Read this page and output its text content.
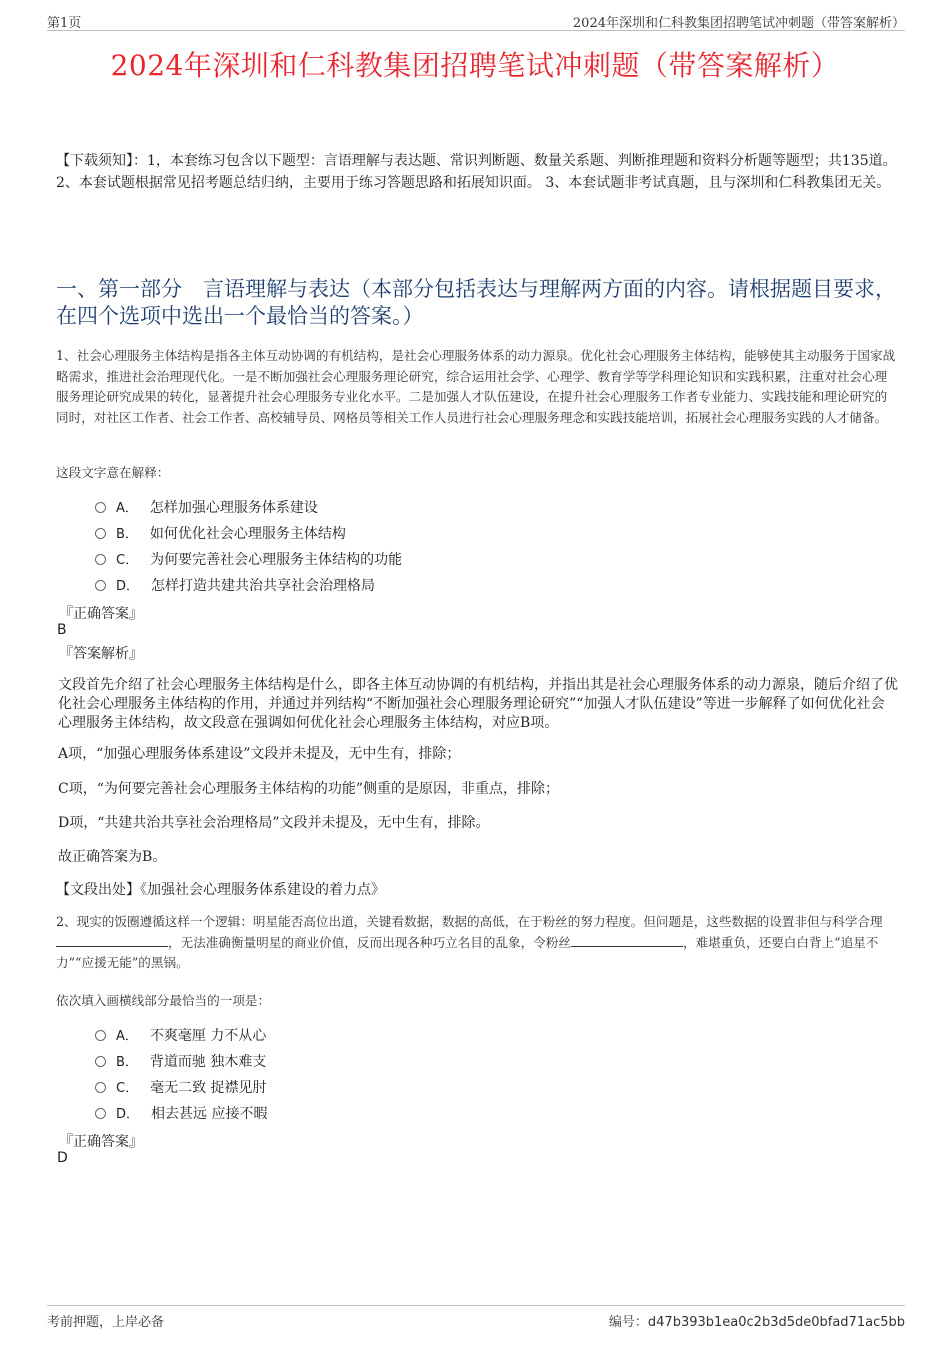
第1页	2024年深圳和仁科教集团招聘笔试冲刺题（带答案解析）
2024年深圳和仁科教集团招聘笔试冲刺题（带答案解析）
【下载须知】：1，本套练习包含以下题型：言语理解与表达题、常识判断题、数量关系题、判断推理题和资料分析题等题型；共135道。 2、本套试题根据常见招考题总结归纳，主要用于练习答题思路和拓展知识面。 3、本套试题非考试真题，且与深圳和仁科教集团无关。
一、第一部分　言语理解与表达（本部分包括表达与理解两方面的内容。请根据题目要求，在四个选项中选出一个最恰当的答案。）
1、社会心理服务主体结构是指各主体互动协调的有机结构，是社会心理服务体系的动力源泉。优化社会心理服务主体结构，能够使其主动服务于国家战略需求，推进社会治理现代化。一是不断加强社会心理服务理论研究，综合运用社会学、心理学、教育学等学科理论知识和实践积累，注重对社会心理服务理论研究成果的转化，显著提升社会心理服务专业化水平。二是加强人才队伍建设，在提升社会心理服务工作者专业能力、实践技能和理论研究的同时，对社区工作者、社会工作者、高校辅导员、网格员等相关工作人员进行社会心理服务理念和实践技能培训，拓展社会心理服务实践的人才储备。
这段文字意在解释：
A． 怎样加强心理服务体系建设
B． 如何优化社会心理服务主体结构
C． 为何要完善社会心理服务主体结构的功能
D． 怎样打造共建共治共享社会治理格局
『正确答案』
B
『答案解析』
文段首先介绍了社会心理服务主体结构是什么，即各主体互动协调的有机结构，并指出其是社会心理服务体系的动力源泉，随后介绍了优化社会心理服务主体结构的作用，并通过并列结构“不断加强社会心理服务理论研究”“加强人才队伍建设”等进一步解释了如何优化社会心理服务主体结构，故文段意在强调如何优化社会心理服务主体结构，对应B项。
A项，“加强心理服务体系建设”文段并未提及，无中生有，排除；
C项，“为何要完善社会心理服务主体结构的功能”侧重的是原因，非重点，排除；
D项，“共建共治共享社会治理格局”文段并未提及，无中生有，排除。
故正确答案为B。
【文段出处】《加强社会心理服务体系建设的着力点》
2、现实的饭圈遵循这样一个逻辑：明星能否高位出道，关键看数据，数据的高低，在于粉丝的努力程度。但问题是，这些数据的设置非但与科学合理，无法准确衡量明星的商业价值，反而出现各种巧立名目的乱象，令粉丝	，难堪重负，还要白白背上“追星不力”“应援无能”的黑锅。
依次填入画横线部分最恰当的一项是：
A． 不爽毫厘 力不从心
B． 背道而驰 独木难支
C． 毫无二致 捉襟见肘
D． 相去甚远 应接不暇
『正确答案』
D
考前押题，上岸必备	编号：d47b393b1ea0c2b3d5de0bfad71ac5bb
